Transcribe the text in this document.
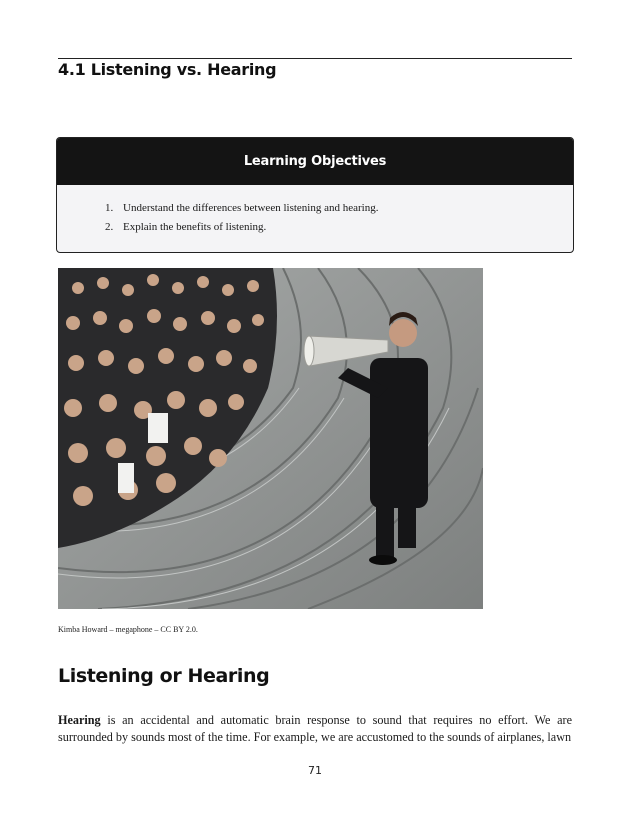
4.1 Listening vs. Hearing
Learning Objectives
1. Understand the differences between listening and hearing.
2. Explain the benefits of listening.
Kimba Howard – megaphone – CC BY 2.0.
Listening or Hearing

Hearing is an accidental and automatic brain response to sound that requires no effort. We are surrounded by sounds most of the time. For example, we are accustomed to the sounds of airplanes, lawn

71
